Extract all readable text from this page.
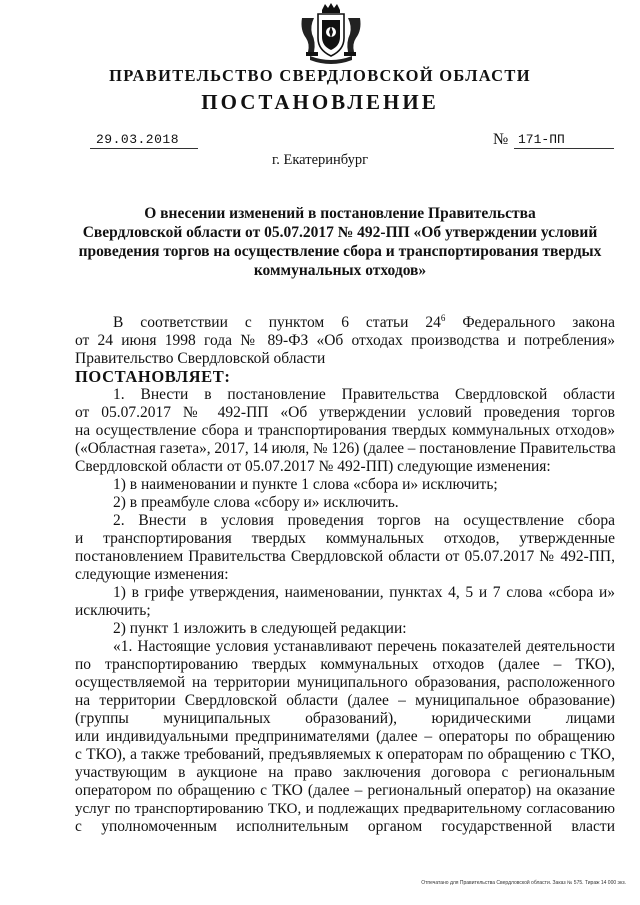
ПРАВИТЕЛЬСТВО СВЕРДЛОВСКОЙ ОБЛАСТИ
ПОСТАНОВЛЕНИЕ
29.03.2018	№ 171-ПП
г. Екатеринбург
О внесении изменений в постановление Правительства
Свердловской области от 05.07.2017 № 492-ПП «Об утверждении условий
проведения торгов на осуществление сбора и транспортирования твердых
коммунальных отходов»
В соответствии с пунктом 6 статьи $24^6$ Федерального закона
от 24 июня 1998 года № 89-ФЗ «Об отходах производства и потребления»
Правительство Свердловской области
ПОСТАНОВЛЯЕТ:
1. Внести в постановление Правительства Свердловской области
от 05.07.2017 № 492-ПП «Об утверждении условий проведения торгов
на осуществление сбора и транспортирования твердых коммунальных отходов»
(«Областная газета», 2017, 14 июля, № 126) (далее – постановление Правительства
Свердловской области от 05.07.2017 № 492-ПП) следующие изменения:
1) в наименовании и пункте 1 слова «сбора и» исключить;
2) в преамбуле слова «сбору и» исключить.
2. Внести в условия проведения торгов на осуществление сбора
и транспортирования твердых коммунальных отходов, утвержденные
постановлением Правительства Свердловской области от 05.07.2017 № 492-ПП,
следующие изменения:
1) в грифе утверждения, наименовании, пунктах 4, 5 и 7 слова «сбора и»
исключить;
2) пункт 1 изложить в следующей редакции:
«1. Настоящие условия устанавливают перечень показателей деятельности
по транспортированию твердых коммунальных отходов (далее – ТКО),
осуществляемой на территории муниципального образования, расположенного
на территории Свердловской области (далее – муниципальное образование)
(группы муниципальных образований), юридическими лицами
или индивидуальными предпринимателями (далее – операторы по обращению
с ТКО), а также требований, предъявляемых к операторам по обращению с ТКО,
участвующим в аукционе на право заключения договора с региональным
оператором по обращению с ТКО (далее – региональный оператор) на оказание
услуг по транспортированию ТКО, и подлежащих предварительному согласованию
с уполномоченным исполнительным органом государственной власти
Отпечатано для Правительства Свердловской области. Заказ № 575. Тираж 14 000 экз.
